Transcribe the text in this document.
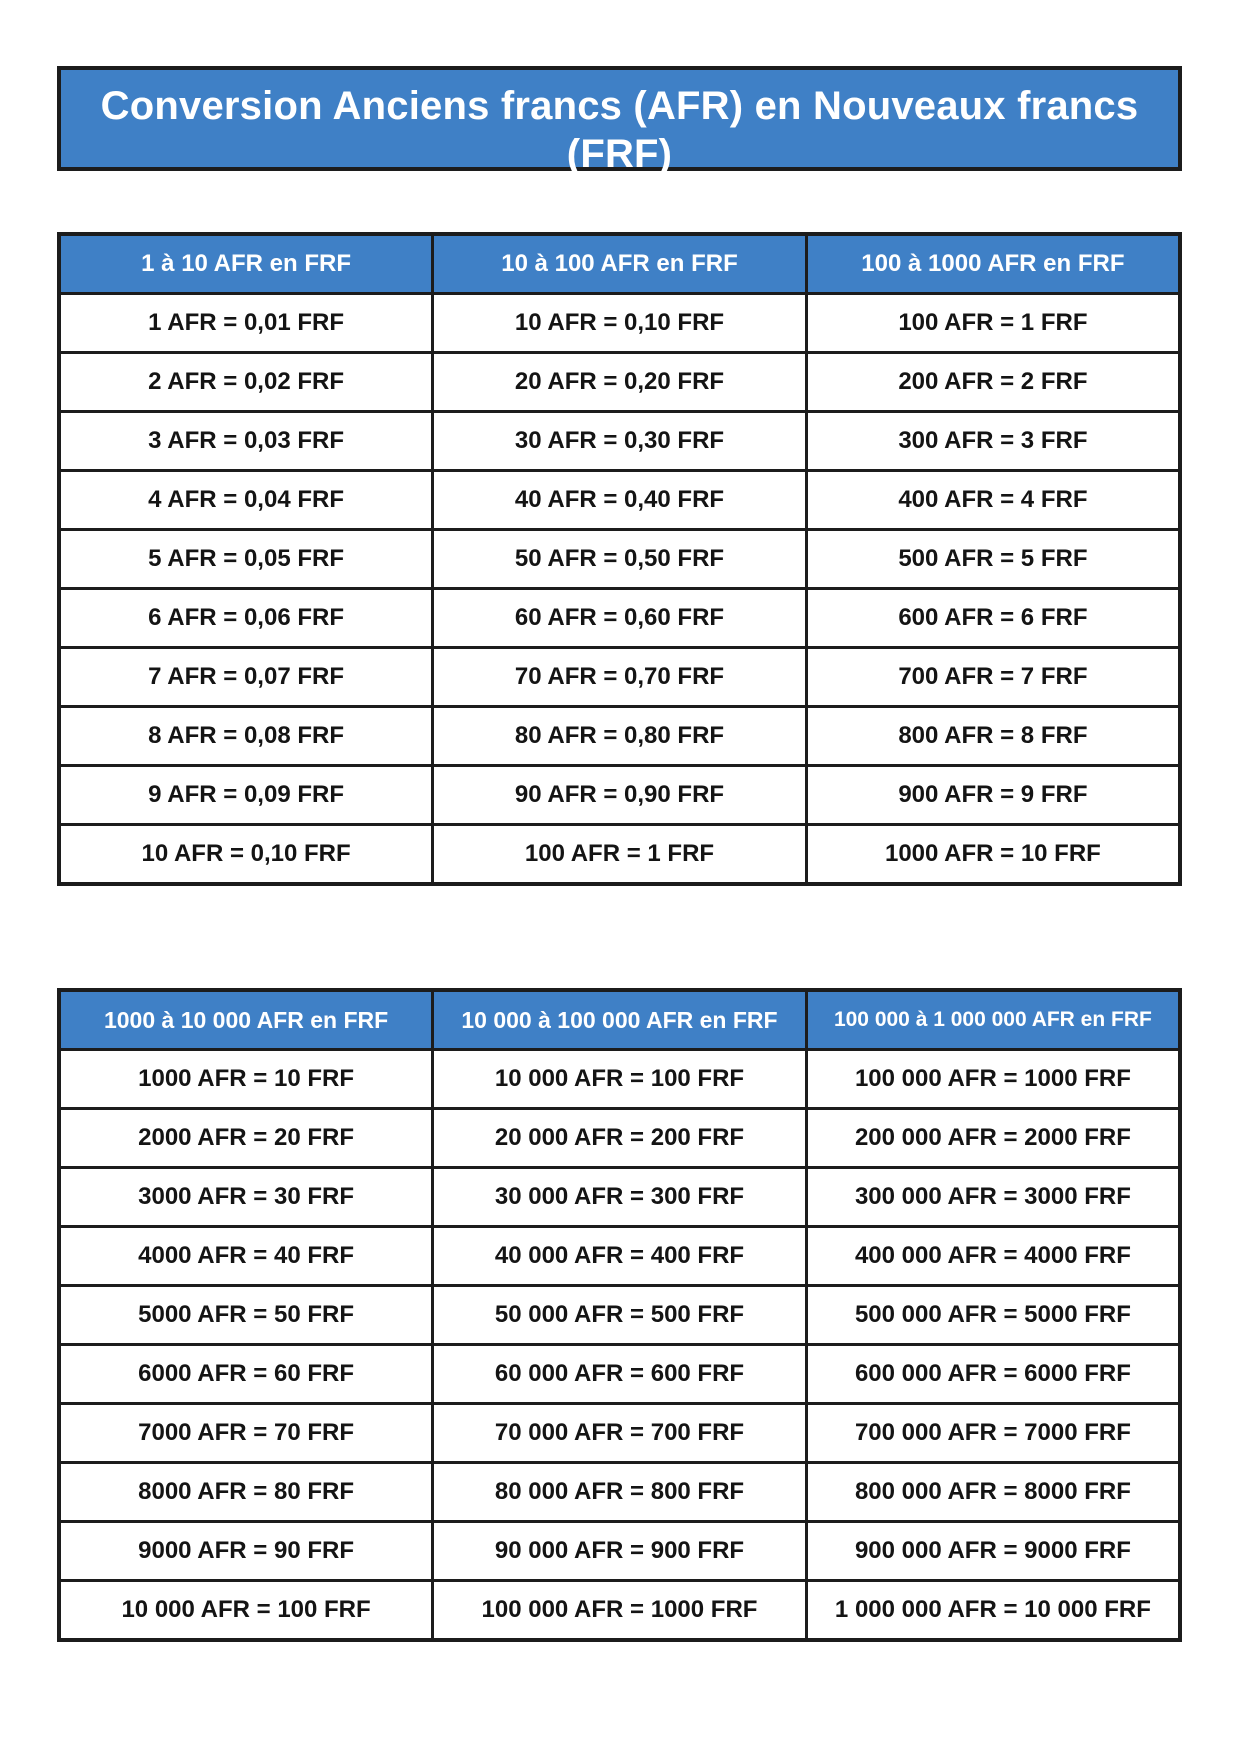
Conversion Anciens francs (AFR) en Nouveaux francs (FRF)
www.franc-euro.fr
1 à 10 AFR en FRF	10 à 100 AFR en FRF	100 à 1000 AFR en FRF
1 AFR = 0,01 FRF	10 AFR = 0,10 FRF	100 AFR = 1 FRF
2 AFR = 0,02 FRF	20 AFR = 0,20 FRF	200 AFR = 2 FRF
3 AFR = 0,03 FRF	30 AFR = 0,30 FRF	300 AFR = 3 FRF
4 AFR = 0,04 FRF	40 AFR = 0,40 FRF	400 AFR = 4 FRF
5 AFR = 0,05 FRF	50 AFR = 0,50 FRF	500 AFR = 5 FRF
6 AFR = 0,06 FRF	60 AFR = 0,60 FRF	600 AFR = 6 FRF
7 AFR = 0,07 FRF	70 AFR = 0,70 FRF	700 AFR = 7 FRF
8 AFR = 0,08 FRF	80 AFR = 0,80 FRF	800 AFR = 8 FRF
9 AFR = 0,09 FRF	90 AFR = 0,90 FRF	900 AFR = 9 FRF
10 AFR = 0,10 FRF	100 AFR = 1 FRF	1000 AFR = 10 FRF
1000 à 10 000 AFR en FRF	10 000 à 100 000 AFR en FRF	100 000 à 1 000 000 AFR en FRF
1000 AFR = 10 FRF	10 000 AFR = 100 FRF	100 000 AFR = 1000 FRF
2000 AFR = 20 FRF	20 000 AFR = 200 FRF	200 000 AFR = 2000 FRF
3000 AFR = 30 FRF	30 000 AFR = 300 FRF	300 000 AFR = 3000 FRF
4000 AFR = 40 FRF	40 000 AFR = 400 FRF	400 000 AFR = 4000 FRF
5000 AFR = 50 FRF	50 000 AFR = 500 FRF	500 000 AFR = 5000 FRF
6000 AFR = 60 FRF	60 000 AFR = 600 FRF	600 000 AFR = 6000 FRF
7000 AFR = 70 FRF	70 000 AFR = 700 FRF	700 000 AFR = 7000 FRF
8000 AFR = 80 FRF	80 000 AFR = 800 FRF	800 000 AFR = 8000 FRF
9000 AFR = 90 FRF	90 000 AFR = 900 FRF	900 000 AFR = 9000 FRF
10 000 AFR = 100 FRF	100 000 AFR = 1000 FRF	1 000 000 AFR = 10 000 FRF
